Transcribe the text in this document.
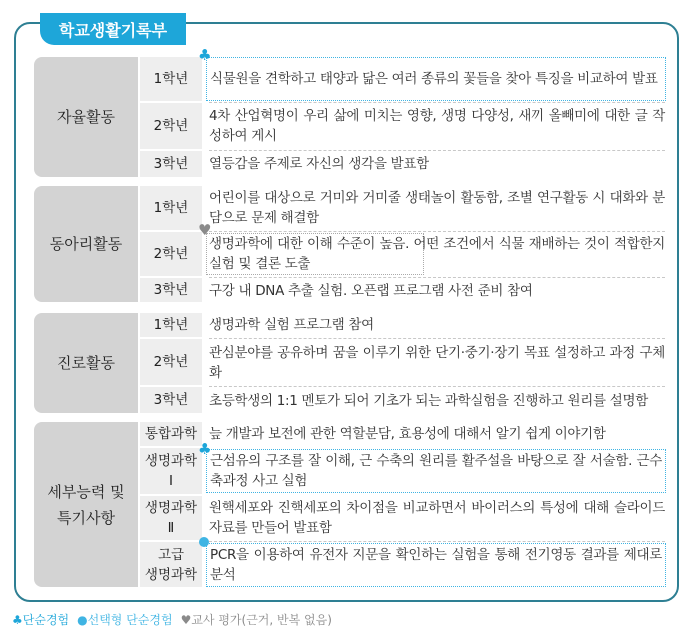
학교생활기록부
자율활동
1학년
2학년
3학년
식물원을 견학하고 태양과 닮은 여러 종류의 꽃들을 찾아 특징을 비교하여 발표
4차 산업혁명이 우리 삶에 미치는 영향, 생명 다양성, 새끼 올빼미에 대한 글 작성하여 게시
열등감을 주제로 자신의 생각을 발표함
♣
동아리활동
1학년
2학년
3학년
어린이를 대상으로 거미와 거미줄 생태놀이 활동함, 조별 연구활동 시 대화와 분담으로 문제 해결함
생명과학에 대한 이해 수준이 높음. 어떤 조건에서 식물 재배하는 것이 적합한지 실험 및 결론 도출
구강 내 DNA 추출 실험. 오픈랩 프로그램 사전 준비 참여
♥
진로활동
1학년
2학년
3학년
생명과학 실험 프로그램 참여
관심분야를 공유하며 꿈을 이루기 위한 단기·중기·장기 목표 설정하고 과정 구체화
초등학생의 1:1 멘토가 되어 기초가 되는 과학실험을 진행하고 원리를 설명함
세부능력 및
특기사항
통합과학
생명과학
Ⅰ
생명과학
Ⅱ
고급
생명과학
늪 개발과 보전에 관한 역할분담, 효용성에 대해서 알기 쉽게 이야기함
근섬유의 구조를 잘 이해, 근 수축의 원리를 활주설을 바탕으로 잘 서술함. 근수축과정 사고 실험
원핵세포와 진핵세포의 차이점을 비교하면서 바이러스의 특성에 대해 슬라이드 자료를 만들어 발표함
PCR을 이용하여 유전자 지문을 확인하는 실험을 통해 전기영동 결과를 제대로 분석
♣
♣단순경험 ●선택형 단순경험 ♥교사 평가(근거, 반복 없음)
